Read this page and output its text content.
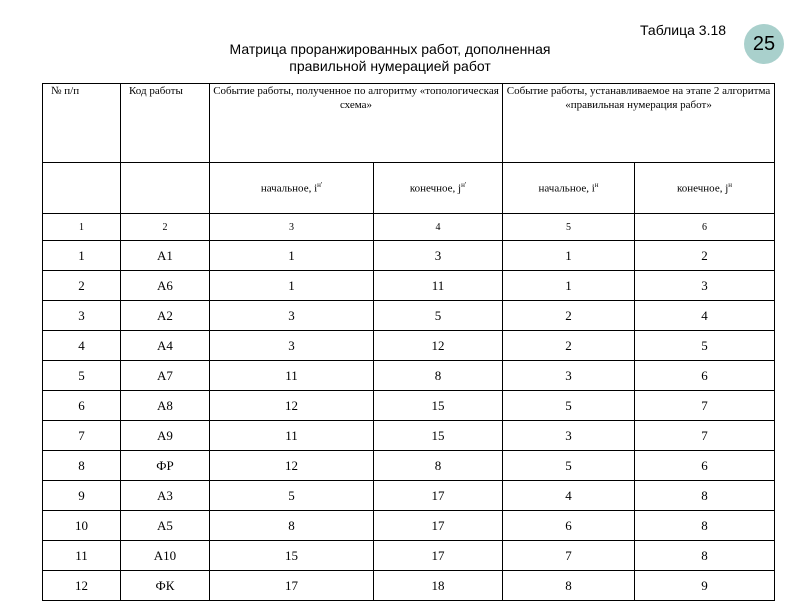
Таблица 3.18
25
Матрица проранжированных работ, дополненная
правильной нумерацией работ
№ п/п	Код работы	Событие работы, полученное по алгоритму «топологическая схема»		Событие работы, устанавливаемое на этапе 2 алгоритма «правильная нумерация работ»	
		начальное, $i^{н'}$	конечное, $j^{н'}$	начальное, $i^н$	конечное, $j^н$
1	2	3	4	5	6
1	А1	1	3	1	2
2	А6	1	11	1	3
3	А2	3	5	2	4
4	А4	3	12	2	5
5	А7	11	8	3	6
6	А8	12	15	5	7
7	А9	11	15	3	7
8	ФР	12	8	5	6
9	А3	5	17	4	8
10	А5	8	17	6	8
11	А10	15	17	7	8
12	ФК	17	18	8	9
